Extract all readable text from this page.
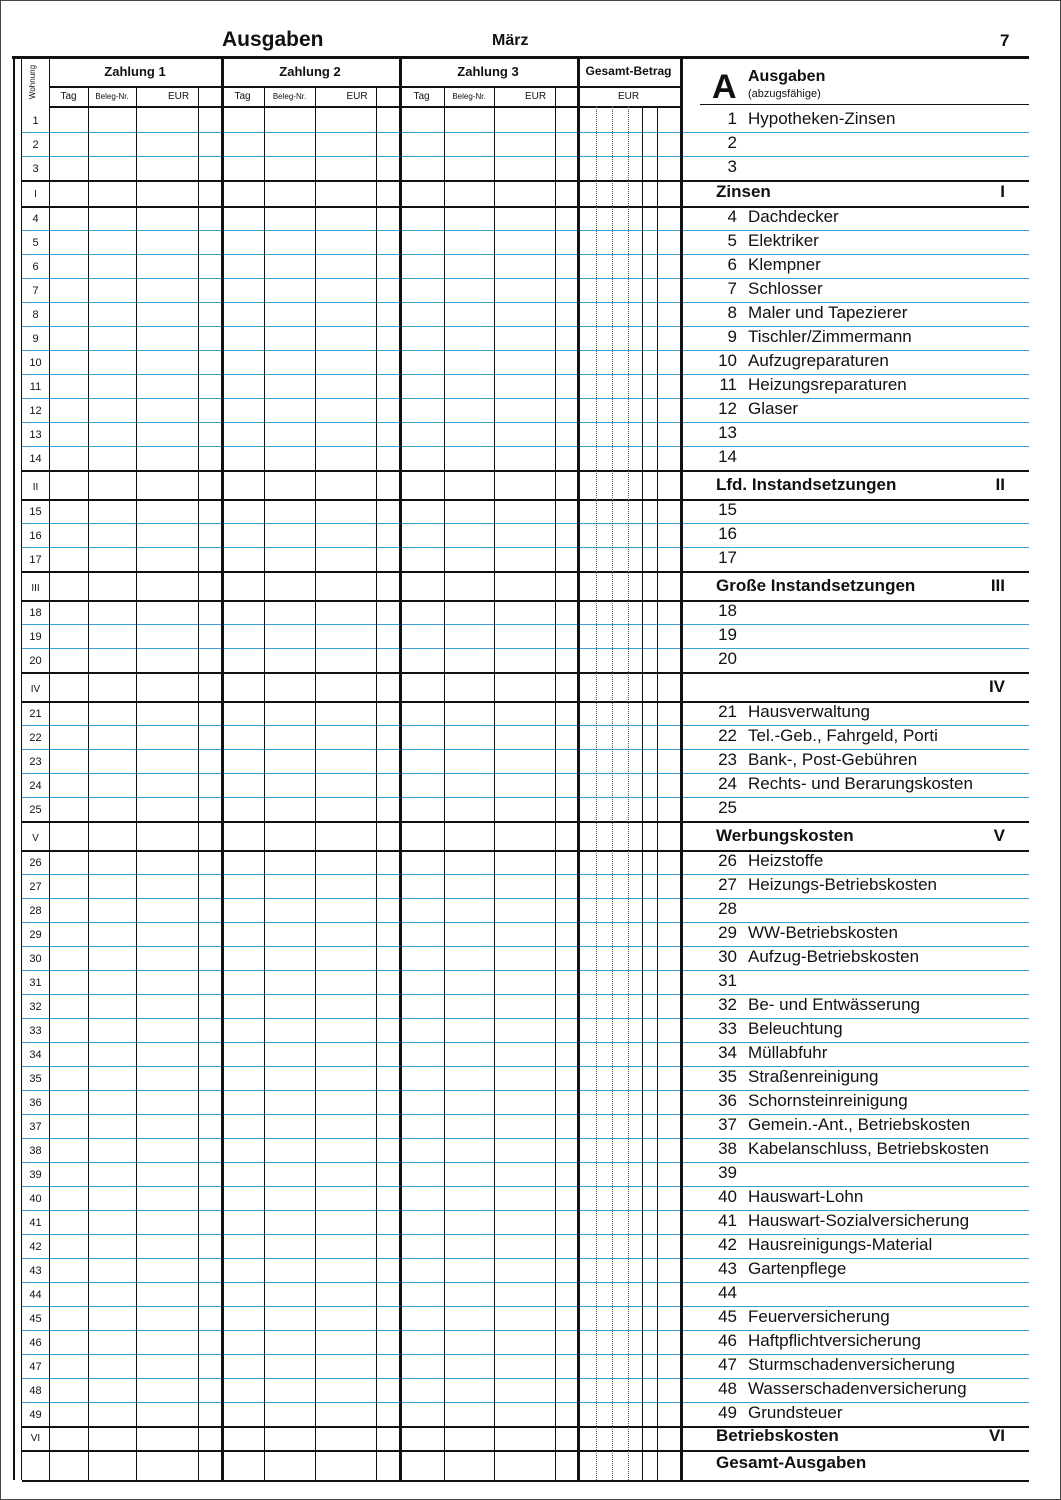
Ausgaben	März	7
Wohnung	Zahlung 1	Zahlung 2	Zahlung 3	Gesamt-Betrag
Tag	Beleg-Nr.	EUR	Tag	Beleg-Nr.	EUR	Tag	Beleg-Nr.	EUR	EUR	A Ausgaben
(abzugsfähige)
1	1 Hypotheken-Zinsen
2	2
3	3
I	Zinsen	I
4	4 Dachdecker
5	5 Elektriker
6	6 Klempner
7	7 Schlosser
8	8 Maler und Tapezierer
9	9 Tischler/Zimmermann
10	10 Aufzugreparaturen
11	11 Heizungsreparaturen
12	12 Glaser
13	13
14	14
II	Lfd. Instandsetzungen	II
15	15
16	16
17	17
III	Große Instandsetzungen	III
18	18
19	19
20	20
IV	IV
21	21 Hausverwaltung
22	22 Tel.-Geb., Fahrgeld, Porti
23	23 Bank-, Post-Gebühren
24	24 Rechts- und Berarungskosten
25	25
V	Werbungskosten	V
26	26 Heizstoffe
27	27 Heizungs-Betriebskosten
28	28
29	29 WW-Betriebskosten
30	30 Aufzug-Betriebskosten
31	31
32	32 Be- und Entwässerung
33	33 Beleuchtung
34	34 Müllabfuhr
35	35 Straßenreinigung
36	36 Schornsteinreinigung
37	37 Gemein.-Ant., Betriebskosten
38	38 Kabelanschluss, Betriebskosten
39	39
40	40 Hauswart-Lohn
41	41 Hauswart-Sozialversicherung
42	42 Hausreinigungs-Material
43	43 Gartenpflege
44	44
45	45 Feuerversicherung
46	46 Haftpflichtversicherung
47	47 Sturmschadenversicherung
48	48 Wasserschadenversicherung
49	49 Grundsteuer
VI	Betriebskosten	VI
Gesamt-Ausgaben
